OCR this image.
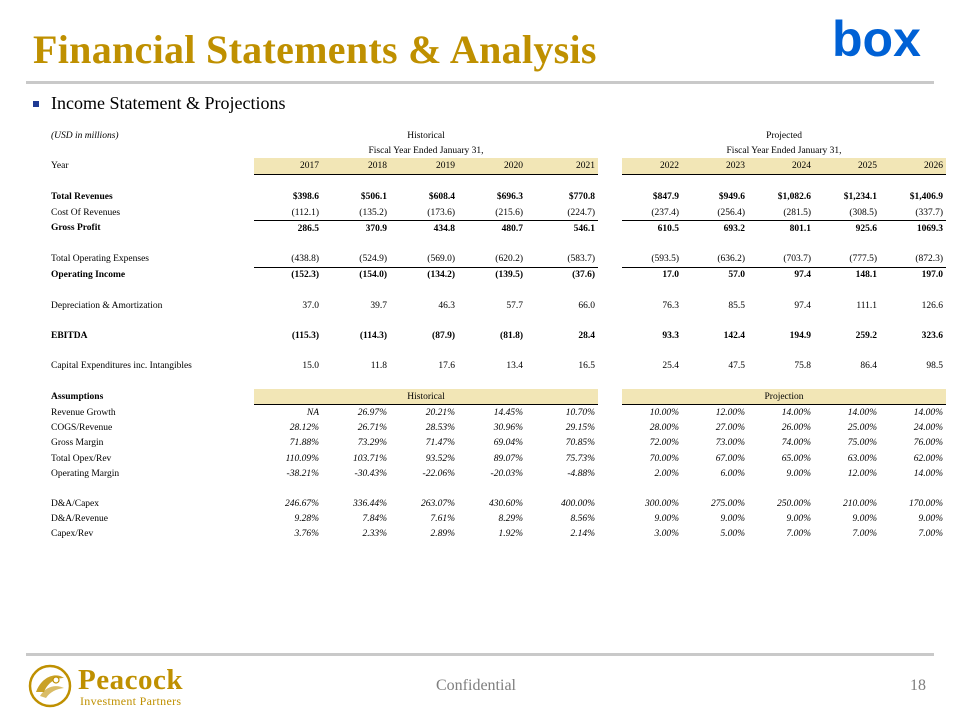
Financial Statements & Analysis	box
Income Statement & Projections
(USD in millions)	Historical						Projected				
	Fiscal Year Ended January 31,						Fiscal Year Ended January 31,				
Year	2017	2018	2019	2020	2021		2022	2023	2024	2025	2026

Total Revenues	$398.6	$506.1	$608.4	$696.3	$770.8		$847.9	$949.6	$1,082.6	$1,234.1	$1,406.9
Cost Of Revenues	(112.1)	(135.2)	(173.6)	(215.6)	(224.7)		(237.4)	(256.4)	(281.5)	(308.5)	(337.7)
Gross Profit	286.5	370.9	434.8	480.7	546.1		610.5	693.2	801.1	925.6	1069.3

Total Operating Expenses	(438.8)	(524.9)	(569.0)	(620.2)	(583.7)		(593.5)	(636.2)	(703.7)	(777.5)	(872.3)
Operating Income	(152.3)	(154.0)	(134.2)	(139.5)	(37.6)		17.0	57.0	97.4	148.1	197.0

Depreciation & Amortization	37.0	39.7	46.3	57.7	66.0		76.3	85.5	97.4	111.1	126.6

EBITDA	(115.3)	(114.3)	(87.9)	(81.8)	28.4		93.3	142.4	194.9	259.2	323.6

Capital Expenditures inc. Intangibles	15.0	11.8	17.6	13.4	16.5		25.4	47.5	75.8	86.4	98.5

Assumptions	Historical						Projection				
Revenue Growth	NA	26.97%	20.21%	14.45%	10.70%		10.00%	12.00%	14.00%	14.00%	14.00%
COGS/Revenue	28.12%	26.71%	28.53%	30.96%	29.15%		28.00%	27.00%	26.00%	25.00%	24.00%
Gross Margin	71.88%	73.29%	71.47%	69.04%	70.85%		72.00%	73.00%	74.00%	75.00%	76.00%
Total Opex/Rev	110.09%	103.71%	93.52%	89.07%	75.73%		70.00%	67.00%	65.00%	63.00%	62.00%
Operating Margin	-38.21%	-30.43%	-22.06%	-20.03%	-4.88%		2.00%	6.00%	9.00%	12.00%	14.00%

D&A/Capex	246.67%	336.44%	263.07%	430.60%	400.00%		300.00%	275.00%	250.00%	210.00%	170.00%
D&A/Revenue	9.28%	7.84%	7.61%	8.29%	8.56%		9.00%	9.00%	9.00%	9.00%	9.00%
Capex/Rev	3.76%	2.33%	2.89%	1.92%	2.14%		3.00%	5.00%	7.00%	7.00%	7.00%
Peacock
Investment Partners
Confidential	18
